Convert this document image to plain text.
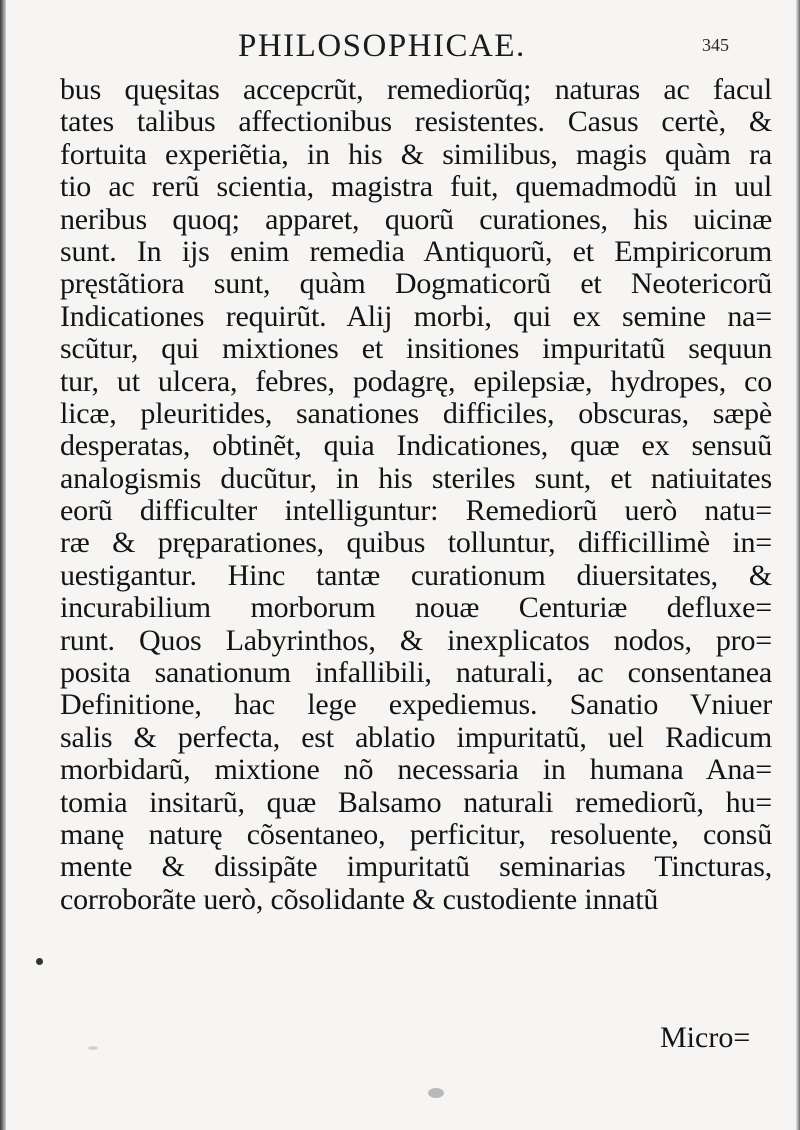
PHILOSOPHICAE.	345
bus quęsitas accepcrũt, remediorũq; naturas ac facul
tates talibus affectionibus resistentes. Casus certè, &
fortuita experiẽtia, in his & similibus, magis quàm ra
tio ac rerũ scientia, magistra fuit, quemadmodũ in uul
neribus quoq; apparet, quorũ curationes, his uicinæ
sunt. In ijs enim remedia Antiquorũ, et Empiricorum
pręstãtiora sunt, quàm Dogmaticorũ et Neotericorũ
Indicationes requirũt. Alij morbi, qui ex semine na=
scũtur, qui mixtiones et insitiones impuritatũ sequun
tur, ut ulcera, febres, podagrę, epilepsiæ, hydropes, co
licæ, pleuritides, sanationes difficiles, obscuras, sæpè
desperatas, obtinẽt, quia Indicationes, quæ ex sensuũ
analogismis ducũtur, in his steriles sunt, et natiuitates
eorũ difficulter intelliguntur: Remediorũ uerò natu=
ræ & pręparationes, quibus tolluntur, difficillimè in=
uestigantur. Hinc tantæ curationum diuersitates, &
incurabilium morborum nouæ Centuriæ defluxe=
runt. Quos Labyrinthos, & inexplicatos nodos, pro=
posita sanationum infallibili, naturali, ac consentanea
Definitione, hac lege expediemus. Sanatio Vniuer
salis & perfecta, est ablatio impuritatũ, uel Radicum
morbidarũ, mixtione nõ necessaria in humana Ana=
tomia insitarũ, quæ Balsamo naturali remediorũ, hu=
manę naturę cõsentaneo, perficitur, resoluente, consũ
mente & dissipãte impuritatũ seminarias Tincturas,
corroborãte uerò, cõsolidante & custodiente innatũ
Micro=
